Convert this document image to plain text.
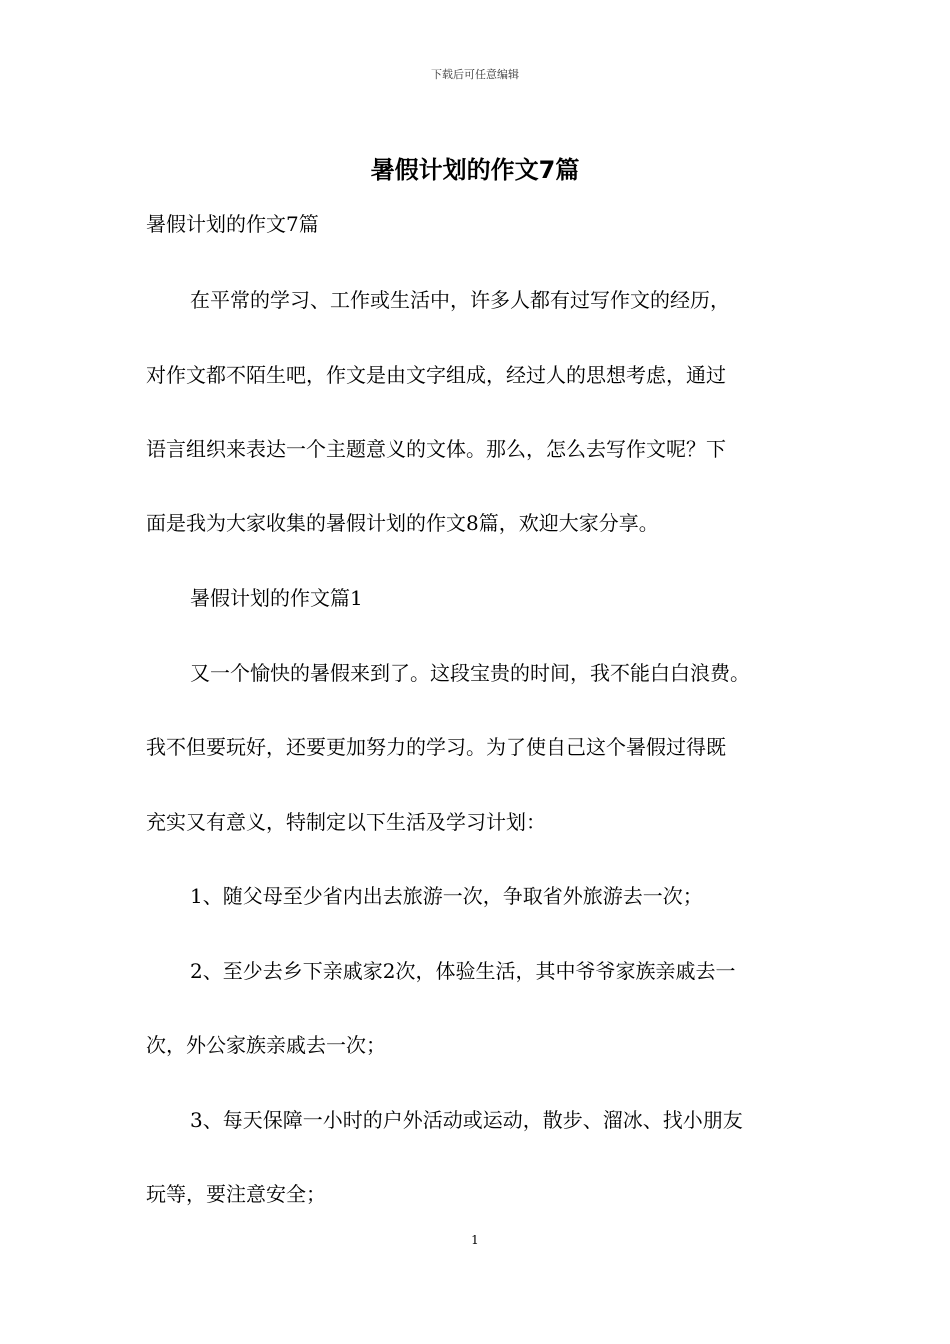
下载后可任意编辑
暑假计划的作文7篇
暑假计划的作文7篇
在平常的学习、工作或生活中，许多人都有过写作文的经历，
对作文都不陌生吧，作文是由文字组成，经过人的思想考虑，通过
语言组织来表达一个主题意义的文体。那么，怎么去写作文呢？下
面是我为大家收集的暑假计划的作文8篇，欢迎大家分享。
暑假计划的作文篇1
又一个愉快的暑假来到了。这段宝贵的时间，我不能白白浪费。
我不但要玩好，还要更加努力的学习。为了使自己这个暑假过得既
充实又有意义，特制定以下生活及学习计划：
1、随父母至少省内出去旅游一次，争取省外旅游去一次；
2、至少去乡下亲戚家2次，体验生活，其中爷爷家族亲戚去一
次，外公家族亲戚去一次；
3、每天保障一小时的户外活动或运动，散步、溜冰、找小朋友
玩等，要注意安全；
1
